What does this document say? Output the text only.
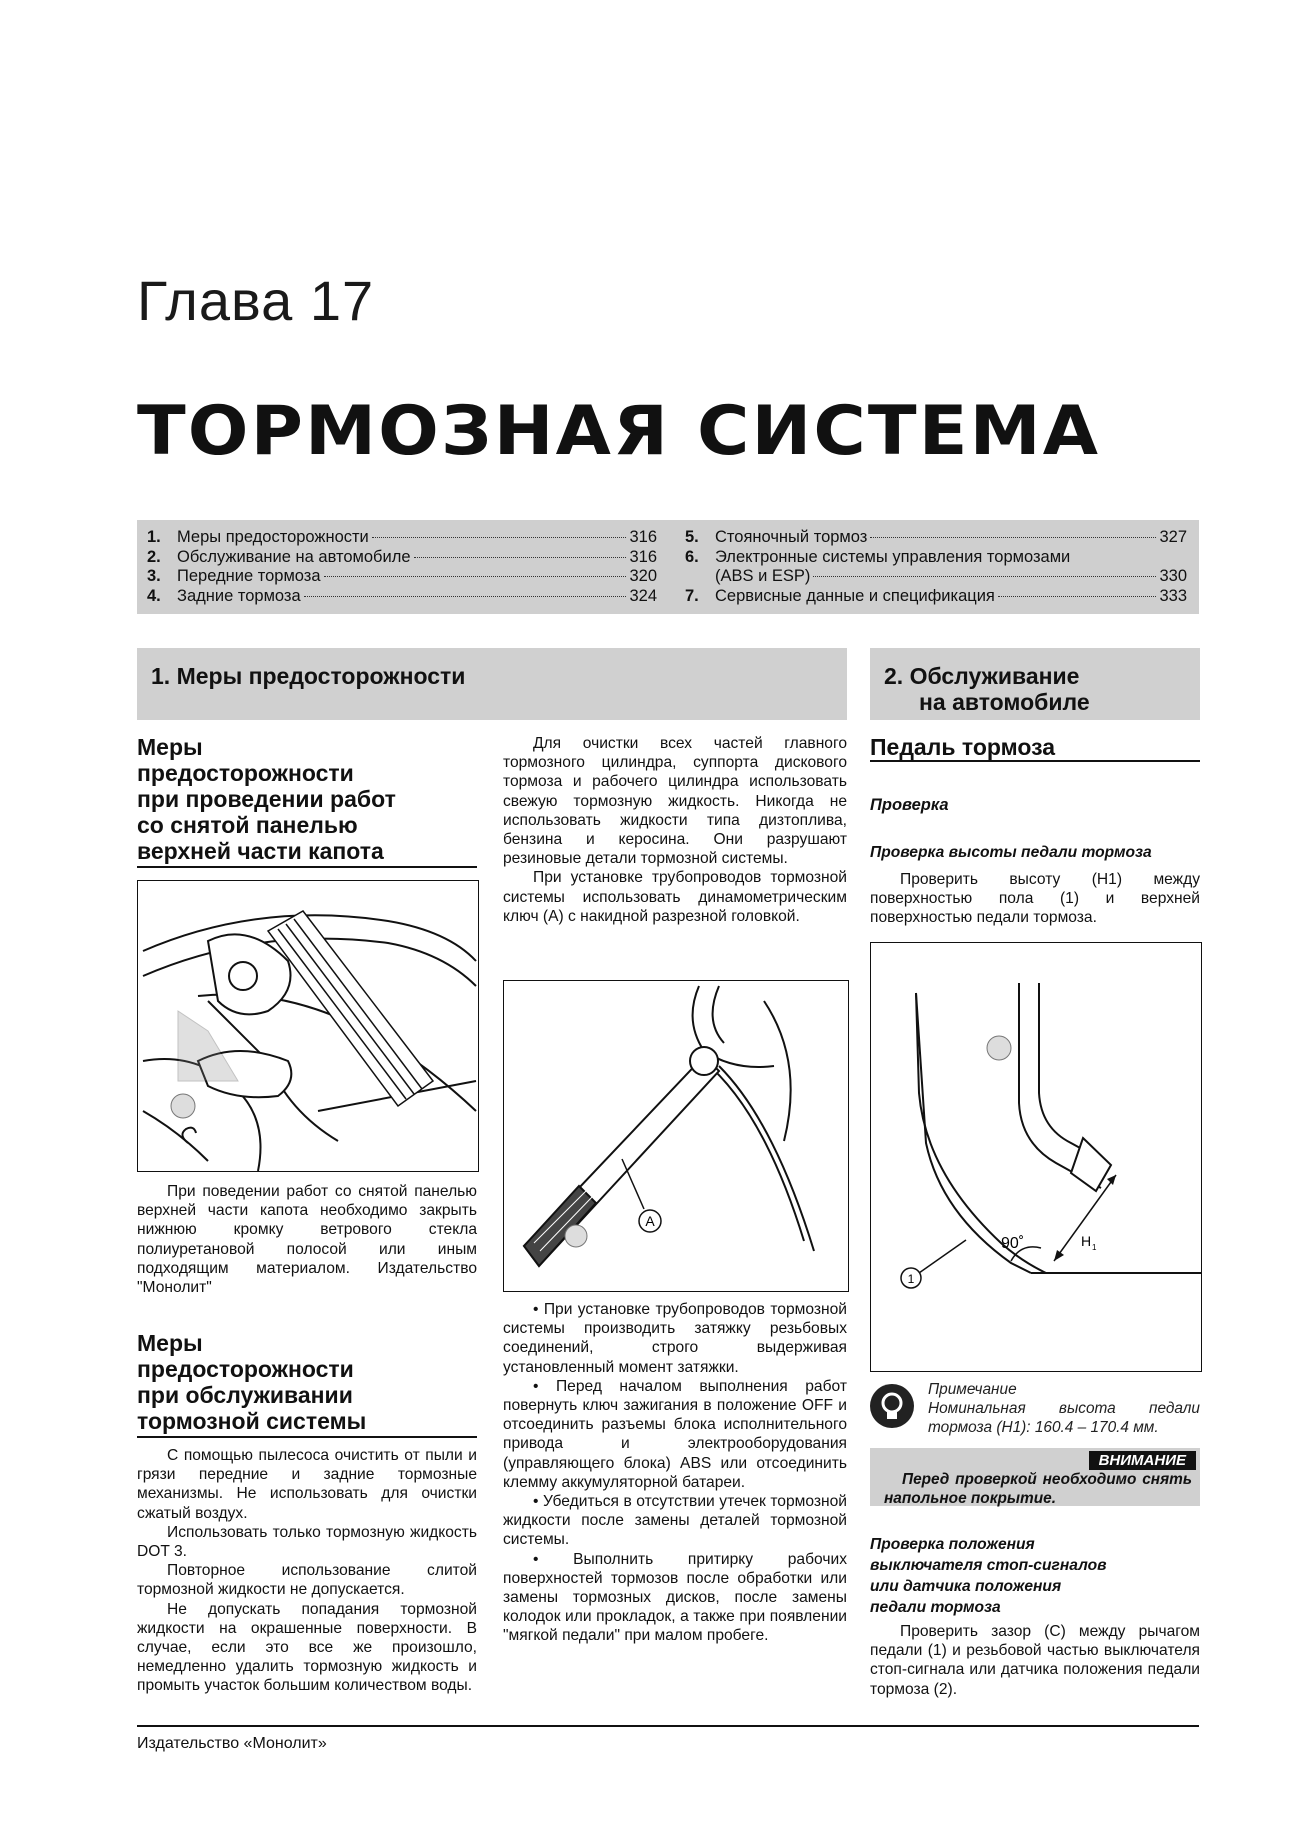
Глава 17
ТОРМОЗНАЯ СИСТЕМА
1. Меры предосторожности	316
2. Обслуживание на автомобиле	316
3. Передние тормоза	320
4. Задние тормоза	324
5. Стояночный тормоз	327
6. Электронные системы управления тормозами
(ABS и ESP)	330
7. Сервисные данные и спецификация	333
1. Меры предосторожности	2. Обслуживание
на автомобиле
Меры
предосторожности
при проведении работ
со снятой панелью
верхней части капота

При поведении работ со снятой панелью верхней части капота необходимо закрыть нижнюю кромку ветрового стекла полиуретановой полосой или иным подходящим материалом. Издательство "Монолит"

Меры
предосторожности
при обслуживании
тормозной системы

С помощью пылесоса очистить от пыли и грязи передние и задние тормозные механизмы. Не использовать для очистки сжатый воздух.

Использовать только тормозную жидкость DOT 3.

Повторное использование слитой тормозной жидкости не допускается.

Не допускать попадания тормозной жидкости на окрашенные поверхности. В случае, если это все же произошло, немедленно удалить тормозную жидкость и промыть участок большим количеством воды.

Для очистки всех частей главного тормозного цилиндра, суппорта дискового тормоза и рабочего цилиндра использовать свежую тормозную жидкость. Никогда не использовать жидкости типа дизтоплива, бензина и керосина. Они разрушают резиновые детали тормозной системы.

При установке трубопроводов тормозной системы использовать динамометрическим ключ (А) с накидной разрезной головкой.

A

• При установке трубопроводов тормозной системы производить затяжку резьбовых соединений, строго выдерживая установленный момент затяжки.

• Перед началом выполнения работ повернуть ключ зажигания в положение OFF и отсоединить разъемы блока исполнительного привода и электрооборудования (управляющего блока) ABS или отсоединить клемму аккумуляторной батареи.

• Убедиться в отсутствии утечек тормозной жидкости после замены деталей тормозной системы.

• Выполнить притирку рабочих поверхностей тормозов после обработки или замены тормозных дисков, после замены колодок или прокладок, а также при появлении "мягкой педали" при малом пробеге.

Педаль тормоза
Проверка
Проверка высоты педали тормоза

Проверить высоту (Н1) между поверхностью пола (1) и верхней поверхностью педали тормоза.

90˚	H 1
1
Примечание
Номинальная высота педали тормоза (Н1): 160.4 – 170.4 мм.
ВНИМАНИЕ
Перед проверкой необходимо снять напольное покрытие.
Проверка положения
выключателя стоп-сигналов
или датчика положения
педали тормоза

Проверить зазор (С) между рычагом педали (1) и резьбовой частью выключателя стоп-сигнала или датчика положения педали тормоза (2).

Издательство «Монолит»
